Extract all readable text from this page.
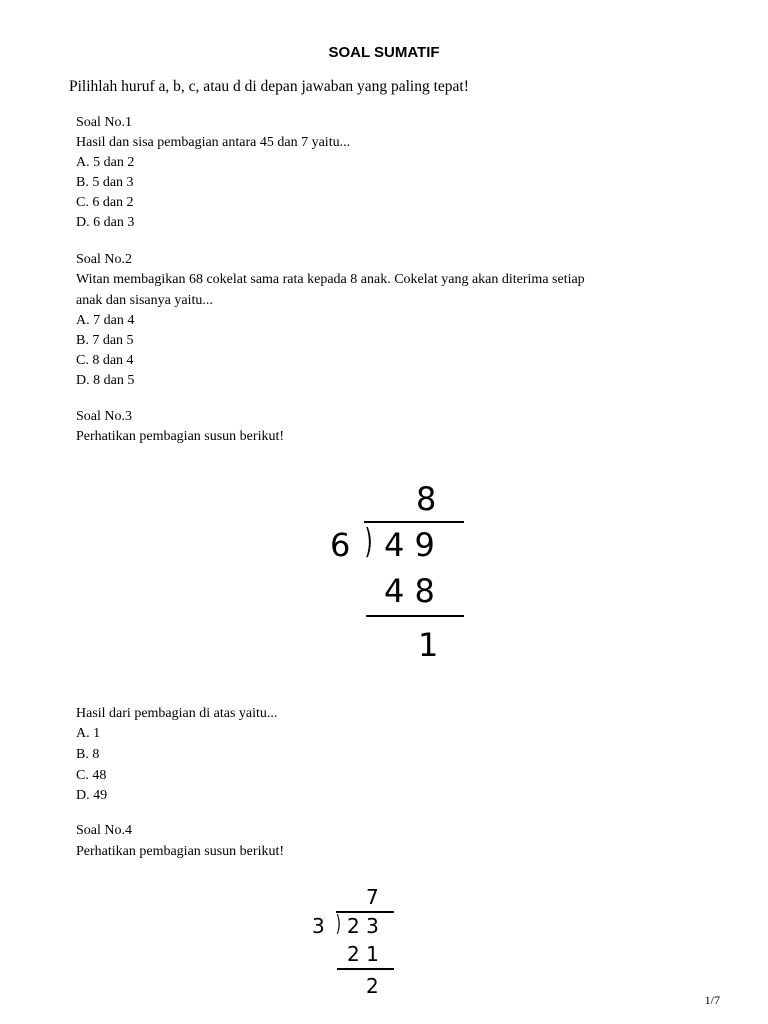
SOAL SUMATIF
Pilihlah huruf a, b, c, atau d di depan jawaban yang paling tepat!
Soal No.1
Hasil dan sisa pembagian antara 45 dan 7 yaitu...
A. 5 dan 2
B. 5 dan 3
C. 6 dan 2
D. 6 dan 3
Soal No.2
Witan membagikan 68 cokelat sama rata kepada 8 anak. Cokelat yang akan diterima setiap
anak dan sisanya yaitu...
A. 7 dan 4
B. 7 dan 5
C. 8 dan 4
D. 8 dan 5
Soal No.3
Perhatikan pembagian susun berikut!
8
6 ) 4 9
4 8
1
Hasil dari pembagian di atas yaitu...
A. 1
B. 8
C. 48
D. 49
Soal No.4
Perhatikan pembagian susun berikut!
7
3 ) 2 3
2 1
2
1/7
